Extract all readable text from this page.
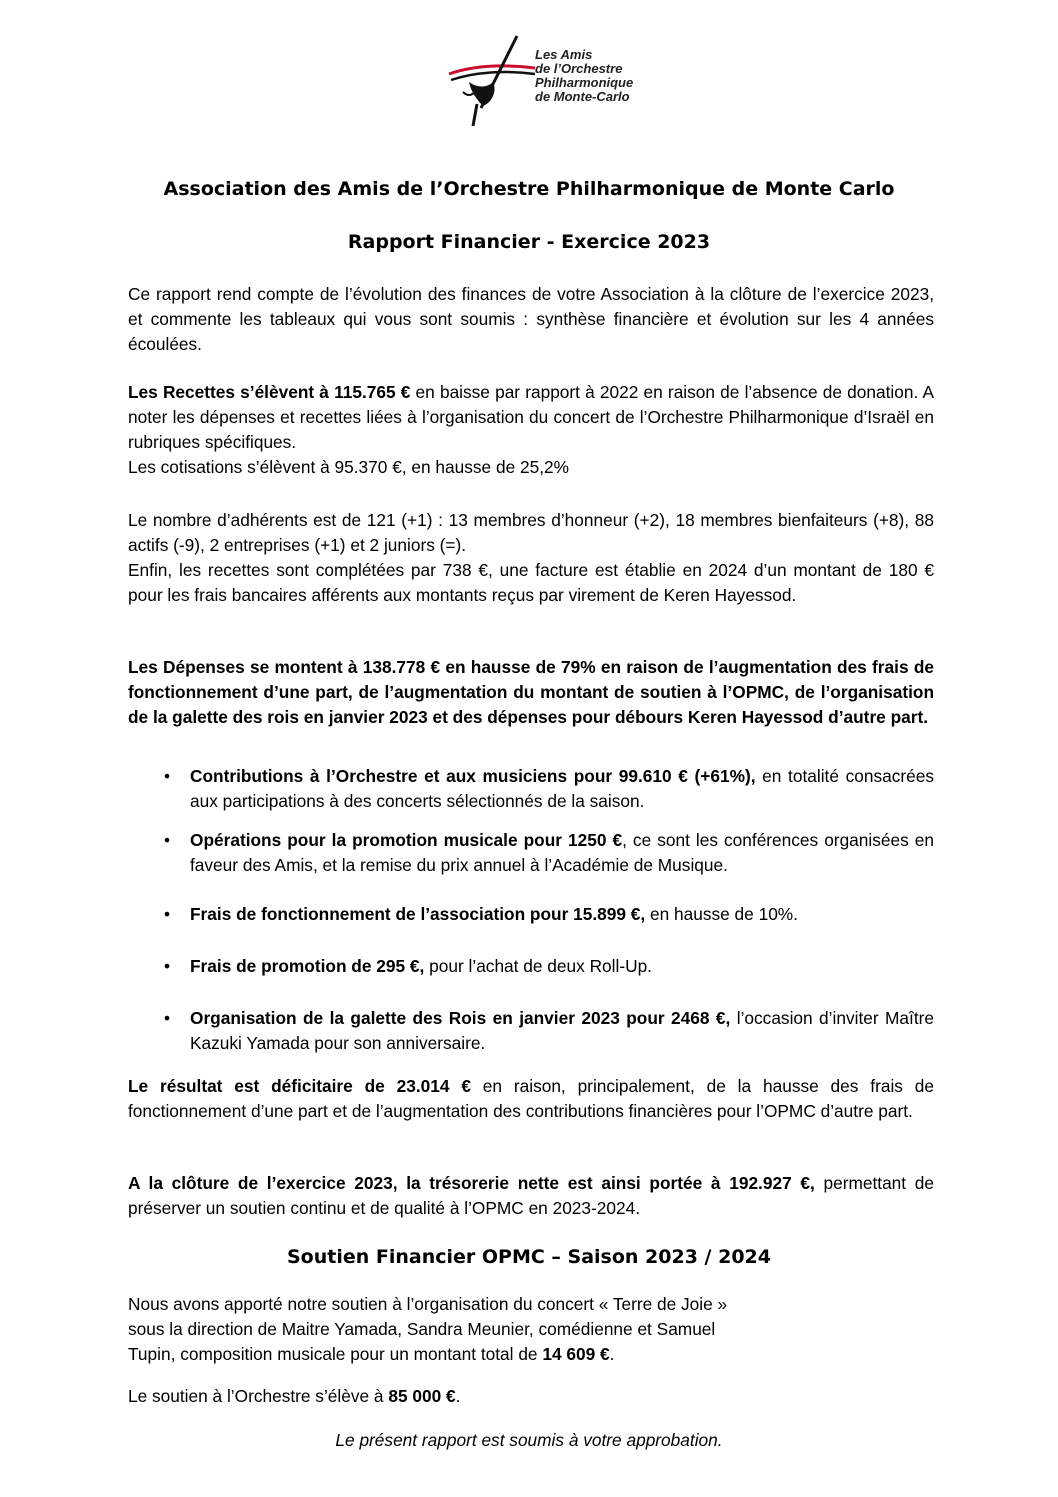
Les Amis
de l’Orchestre
Philharmonique
de Monte-Carlo
Association des Amis de l’Orchestre Philharmonique de Monte Carlo
Rapport Financier - Exercice 2023

Ce rapport rend compte de l’évolution des finances de votre Association à la clôture de l’exercice 2023, et commente les tableaux qui vous sont soumis : synthèse financière et évolution sur les 4 années écoulées.

Les Recettes s’élèvent à 115.765 € en baisse par rapport à 2022 en raison de l’absence de donation. A noter les dépenses et recettes liées à l’organisation du concert de l’Orchestre Philharmonique d’Israël en rubriques spécifiques.

Les cotisations s’élèvent à 95.370 €, en hausse de 25,2%

Le nombre d’adhérents est de 121 (+1) : 13 membres d’honneur (+2), 18 membres bienfaiteurs (+8), 88 actifs (-9), 2 entreprises (+1) et 2 juniors (=).

Enfin, les recettes sont complétées par 738 €, une facture est établie en 2024 d’un montant de 180 € pour les frais bancaires afférents aux montants reçus par virement de Keren Hayessod.

Les Dépenses se montent à 138.778 € en hausse de 79% en raison de l’augmentation des frais de fonctionnement d’une part, de l’augmentation du montant de soutien à l’OPMC, de l’organisation de la galette des rois en janvier 2023 et des dépenses pour débours Keren Hayessod d’autre part.

• Contributions à l’Orchestre et aux musiciens pour 99.610 € (+61%), en totalité consacrées aux participations à des concerts sélectionnés de la saison.
• Opérations pour la promotion musicale pour 1250 €, ce sont les conférences organisées en faveur des Amis, et la remise du prix annuel à l’Académie de Musique.
• Frais de fonctionnement de l’association pour 15.899 €, en hausse de 10%.
• Frais de promotion de 295 €, pour l’achat de deux Roll-Up.
• Organisation de la galette des Rois en janvier 2023 pour 2468 €, l’occasion d’inviter Maître Kazuki Yamada pour son anniversaire.

Le résultat est déficitaire de 23.014 € en raison, principalement, de la hausse des frais de fonctionnement d’une part et de l’augmentation des contributions financières pour l’OPMC d’autre part.

A la clôture de l’exercice 2023, la trésorerie nette est ainsi portée à 192.927 €, permettant de préserver un soutien continu et de qualité à l’OPMC en 2023-2024.

Soutien Financier OPMC – Saison 2023 / 2024
Nous avons apporté notre soutien à l’organisation du concert « Terre de Joie »
sous la direction de Maitre Yamada, Sandra Meunier, comédienne et Samuel
Tupin, composition musicale pour un montant total de 14 609 €.
Le soutien à l’Orchestre s’élève à 85 000 €.
Le présent rapport est soumis à votre approbation.
